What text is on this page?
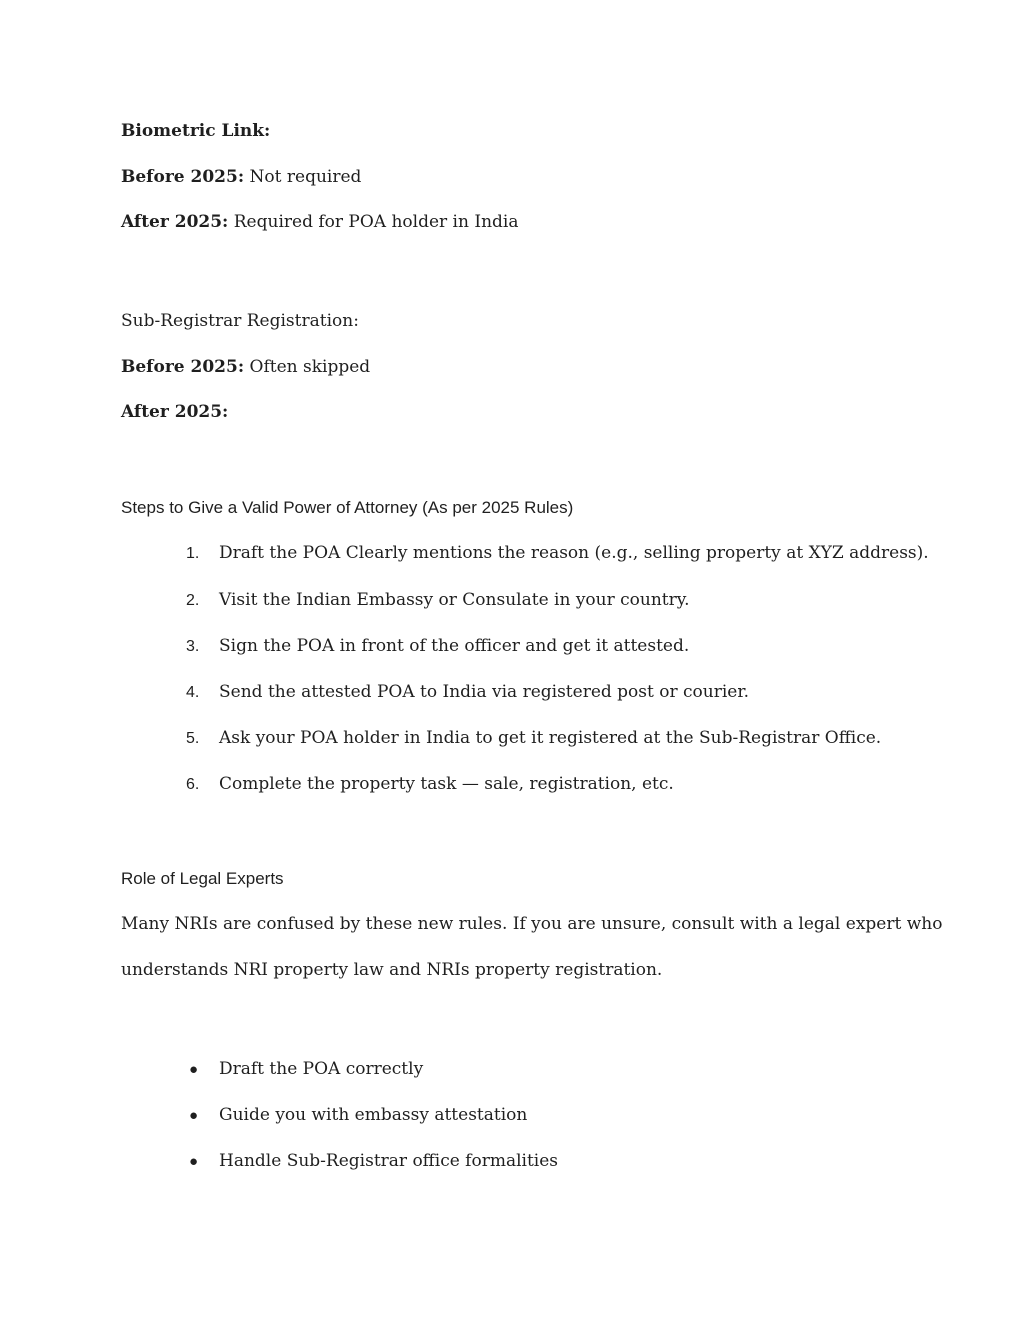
Biometric Link:
Before 2025: Not required
After 2025: Required for POA holder in India
Sub-Registrar Registration:
Before 2025: Often skipped
After 2025:
Steps to Give a Valid Power of Attorney (As per 2025 Rules)
1. Draft the POA Clearly mentions the reason (e.g., selling property at XYZ address).
2. Visit the Indian Embassy or Consulate in your country.
3. Sign the POA in front of the officer and get it attested.
4. Send the attested POA to India via registered post or courier.
5. Ask your POA holder in India to get it registered at the Sub-Registrar Office.
6. Complete the property task — sale, registration, etc.
Role of Legal Experts
Many NRIs are confused by these new rules. If you are unsure, consult with a legal expert who
understands NRI property law and NRIs property registration.
● Draft the POA correctly
● Guide you with embassy attestation
● Handle Sub-Registrar office formalities
